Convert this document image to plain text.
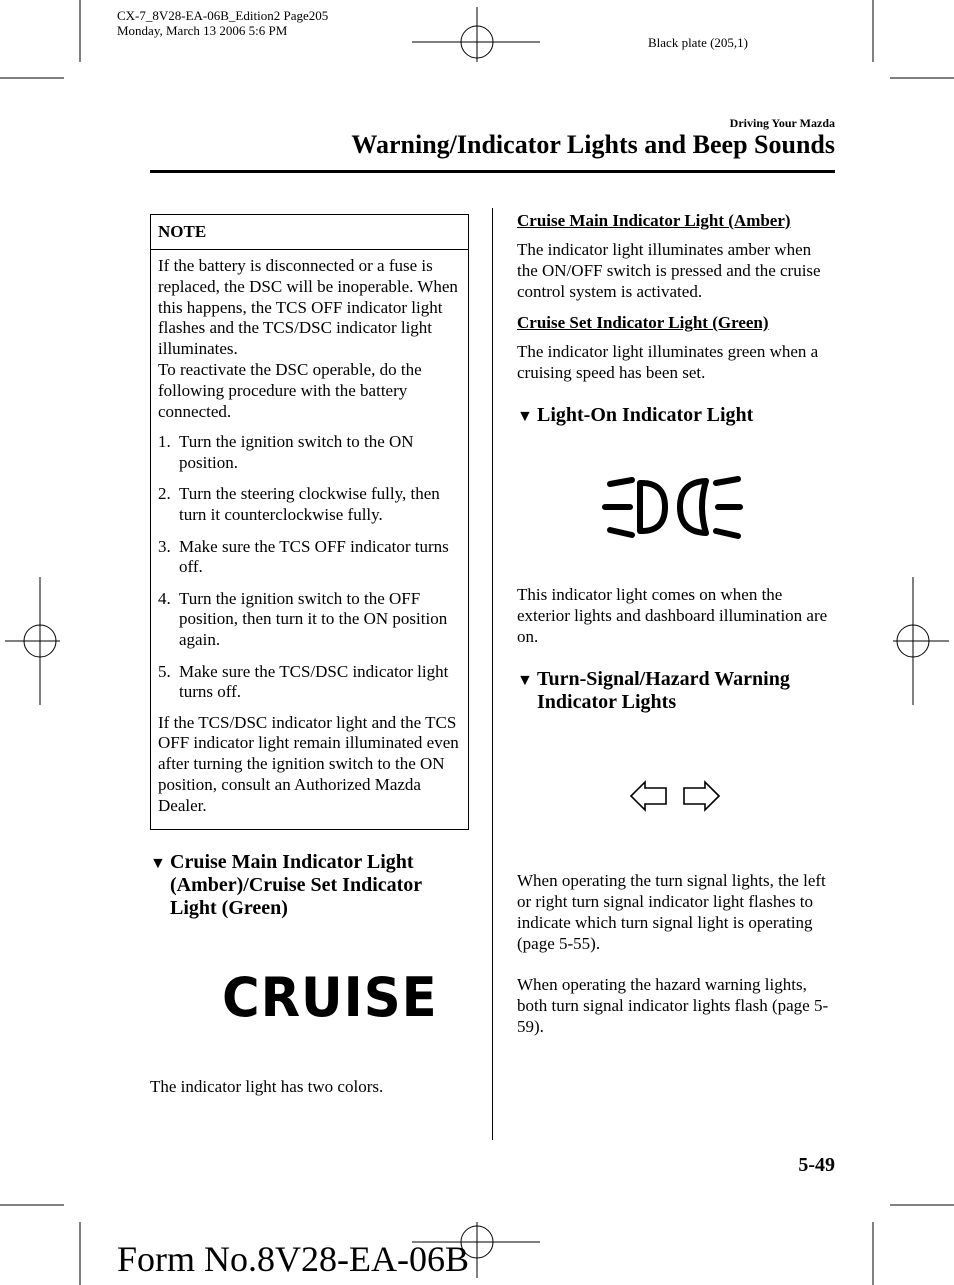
CX-7_8V28-EA-06B_Edition2 Page205
Monday, March 13 2006 5:6 PM
Black plate (205,1)
Driving Your Mazda
Warning/Indicator Lights and Beep Sounds
NOTE

If the battery is disconnected or a fuse is replaced, the DSC will be inoperable. When this happens, the TCS OFF indicator light flashes and the TCS/DSC indicator light illuminates.

To reactivate the DSC operable, do the following procedure with the battery connected.

1. Turn the ignition switch to the ON position.
2. Turn the steering clockwise fully, then turn it counterclockwise fully.
3. Make sure the TCS OFF indicator turns off.
4. Turn the ignition switch to the OFF position, then turn it to the ON position again.
5. Make sure the TCS/DSC indicator light turns off.

If the TCS/DSC indicator light and the TCS OFF indicator light remain illuminated even after turning the ignition switch to the ON position, consult an Authorized Mazda Dealer.

▼ Cruise Main Indicator Light (Amber)/Cruise Set Indicator Light (Green)
CRUISE
The indicator light has two colors.
Cruise Main Indicator Light (Amber)
The indicator light illuminates amber when the ON/OFF switch is pressed and the cruise control system is activated.
Cruise Set Indicator Light (Green)
The indicator light illuminates green when a cruising speed has been set.
▼ Light-On Indicator Light
This indicator light comes on when the exterior lights and dashboard illumination are on.
▼ Turn-Signal/Hazard Warning Indicator Lights
When operating the turn signal lights, the left or right turn signal indicator light flashes to indicate which turn signal light is operating (page 5-55).
When operating the hazard warning lights, both turn signal indicator lights flash (page 5-59).
5-49
Form No.8V28-EA-06B
